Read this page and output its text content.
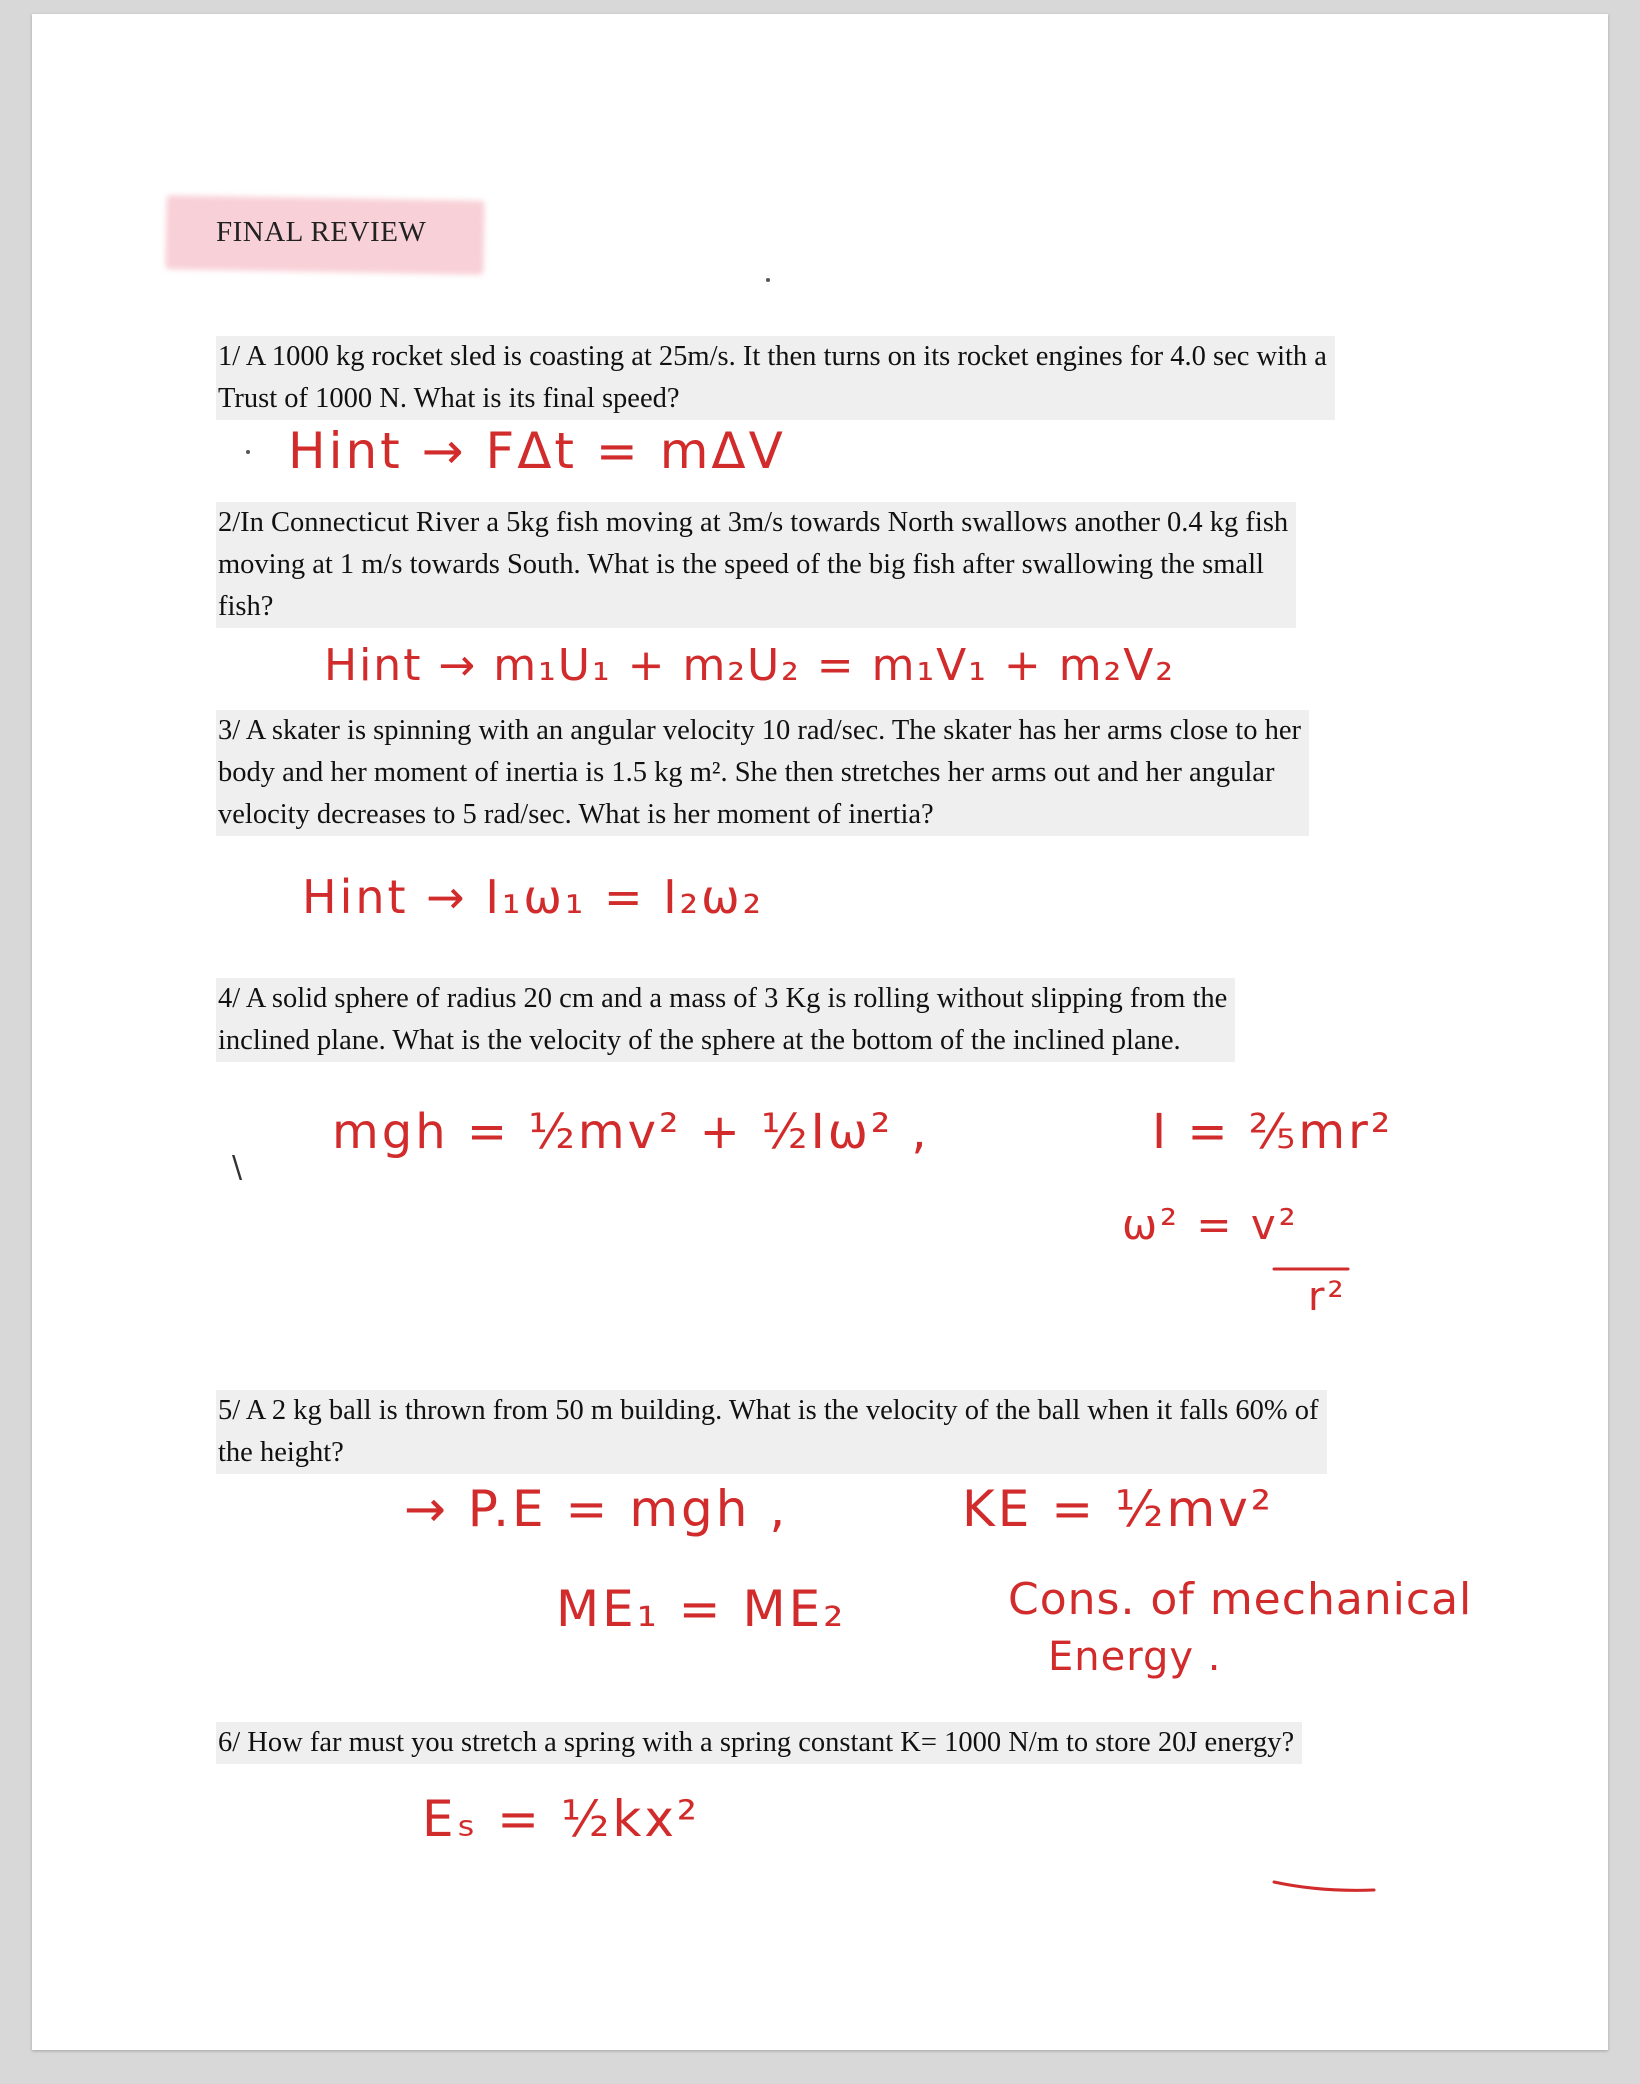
FINAL REVIEW
1/ A 1000 kg rocket sled is coasting at 25m/s. It then turns on its rocket engines for 4.0 sec with a
Trust of 1000 N. What is its final speed?
Hint → FΔt = mΔV
2/In Connecticut River a 5kg fish moving at 3m/s towards North swallows another 0.4 kg fish
moving at 1 m/s towards South. What is the speed of the big fish after swallowing the small
fish?
Hint → m₁U₁ + m₂U₂ = m₁V₁ + m₂V₂
3/ A skater is spinning with an angular velocity 10 rad/sec. The skater has her arms close to her
body and her moment of inertia is 1.5 kg m². She then stretches her arms out and her angular
velocity decreases to 5 rad/sec. What is her moment of inertia?
Hint → I₁ω₁ = I₂ω₂
4/ A solid sphere of radius 20 cm and a mass of 3 Kg is rolling without slipping from the
inclined plane. What is the velocity of the sphere at the bottom of the inclined plane.
\
mgh = ½mv² + ½Iω² ,	I = ⅖mr²
ω² = v²
r²
5/ A 2 kg ball is thrown from 50 m building. What is the velocity of the ball when it falls 60% of
the height?
→ P.E = mgh ,	KE = ½mv²
ME₁ = ME₂	Cons. of mechanical
Energy .
6/ How far must you stretch a spring with a spring constant K= 1000 N/m to store 20J energy?
Eₛ = ½kx²
